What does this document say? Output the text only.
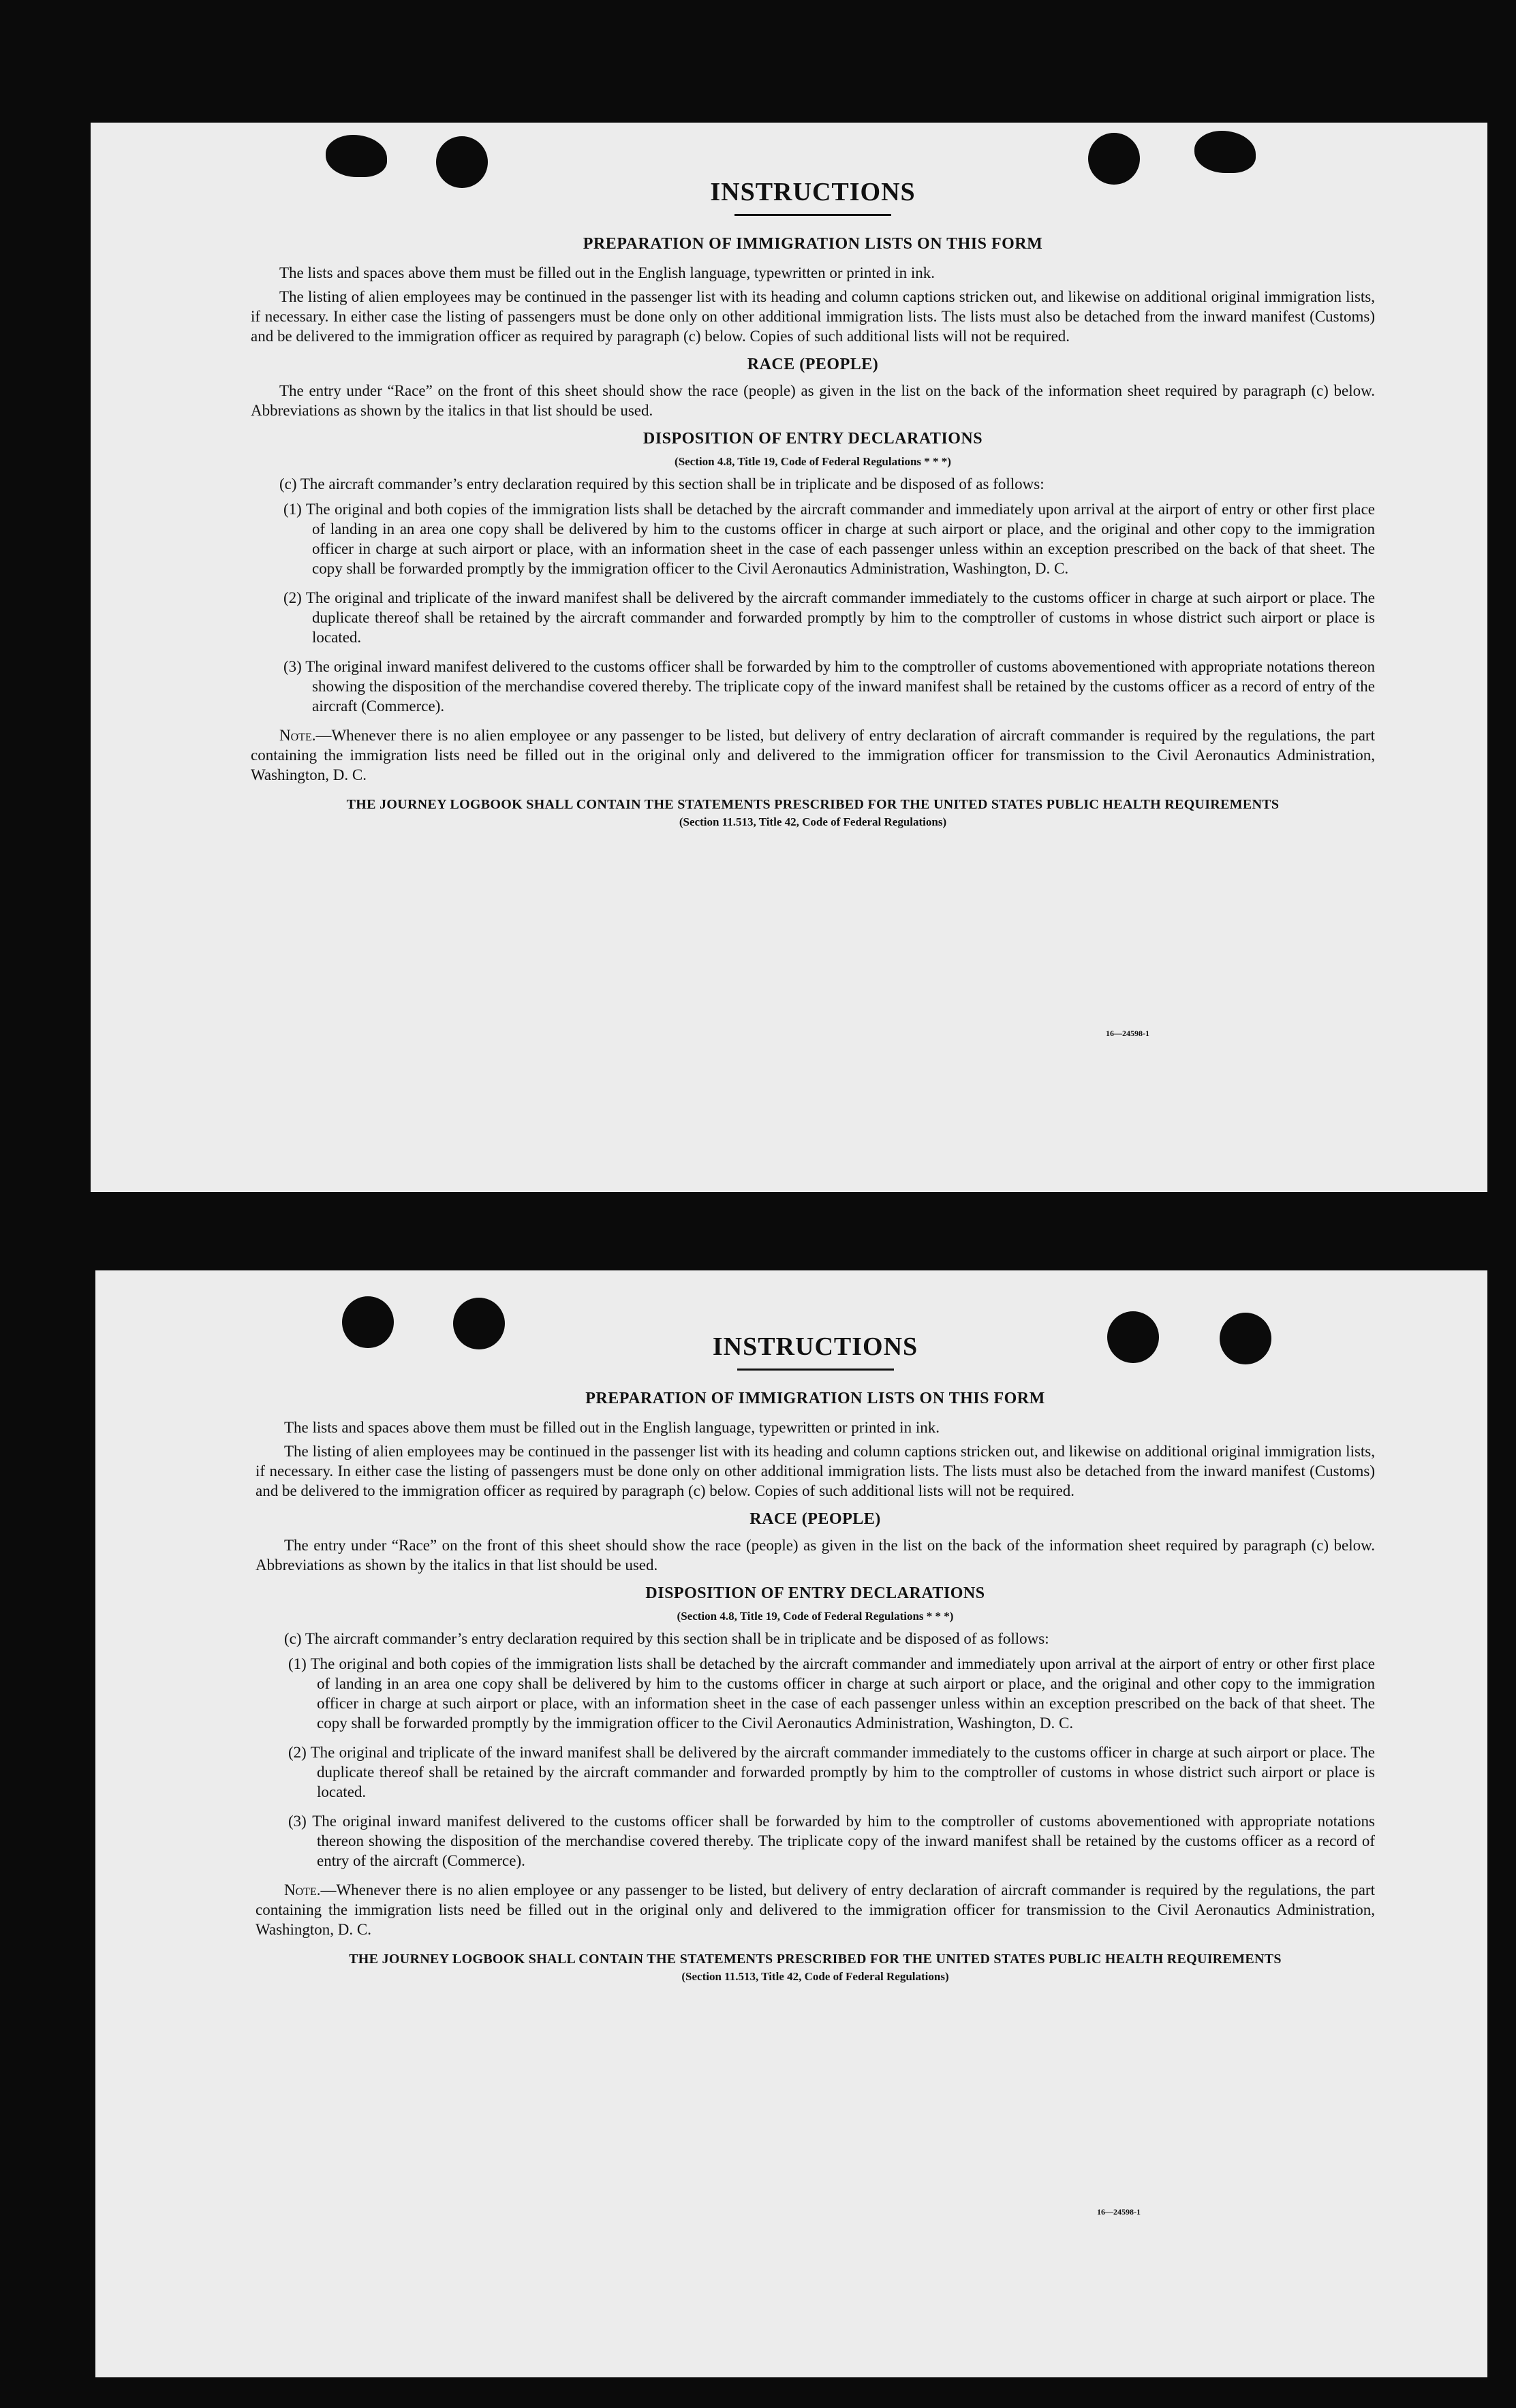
INSTRUCTIONS
PREPARATION OF IMMIGRATION LISTS ON THIS FORM

The lists and spaces above them must be filled out in the English language, typewritten or printed in ink.

The listing of alien employees may be continued in the passenger list with its heading and column captions stricken out, and likewise on additional original immigration lists, if necessary. In either case the listing of passengers must be done only on other additional immigration lists. The lists must also be detached from the inward manifest (Customs) and be delivered to the immigration officer as required by paragraph (c) below. Copies of such additional lists will not be required.

RACE (PEOPLE)

The entry under “Race” on the front of this sheet should show the race (people) as given in the list on the back of the information sheet required by paragraph (c) below. Abbreviations as shown by the italics in that list should be used.

DISPOSITION OF ENTRY DECLARATIONS
(Section 4.8, Title 19, Code of Federal Regulations * * *)

(c) The aircraft commander’s entry declaration required by this section shall be in triplicate and be disposed of as follows:

(1) The original and both copies of the immigration lists shall be detached by the aircraft commander and immediately upon arrival at the airport of entry or other first place of landing in an area one copy shall be delivered by him to the customs officer in charge at such airport or place, and the original and other copy to the immigration officer in charge at such airport or place, with an information sheet in the case of each passenger unless within an exception prescribed on the back of that sheet. The copy shall be forwarded promptly by the immigration officer to the Civil Aeronautics Administration, Washington, D. C.
(2) The original and triplicate of the inward manifest shall be delivered by the aircraft commander immediately to the customs officer in charge at such airport or place. The duplicate thereof shall be retained by the aircraft commander and forwarded promptly by him to the comptroller of customs in whose district such airport or place is located.
(3) The original inward manifest delivered to the customs officer shall be forwarded by him to the comptroller of customs abovementioned with appropriate notations thereon showing the disposition of the merchandise covered thereby. The triplicate copy of the inward manifest shall be retained by the customs officer as a record of entry of the aircraft (Commerce).

Note.—Whenever there is no alien employee or any passenger to be listed, but delivery of entry declaration of aircraft commander is required by the regulations, the part containing the immigration lists need be filled out in the original only and delivered to the immigration officer for transmission to the Civil Aeronautics Administration, Washington, D. C.

THE JOURNEY LOGBOOK SHALL CONTAIN THE STATEMENTS PRESCRIBED FOR THE UNITED STATES PUBLIC HEALTH REQUIREMENTS
(Section 11.513, Title 42, Code of Federal Regulations)
16—24598-1
INSTRUCTIONS
PREPARATION OF IMMIGRATION LISTS ON THIS FORM

The lists and spaces above them must be filled out in the English language, typewritten or printed in ink.

The listing of alien employees may be continued in the passenger list with its heading and column captions stricken out, and likewise on additional original immigration lists, if necessary. In either case the listing of passengers must be done only on other additional immigration lists. The lists must also be detached from the inward manifest (Customs) and be delivered to the immigration officer as required by paragraph (c) below. Copies of such additional lists will not be required.

RACE (PEOPLE)

The entry under “Race” on the front of this sheet should show the race (people) as given in the list on the back of the information sheet required by paragraph (c) below. Abbreviations as shown by the italics in that list should be used.

DISPOSITION OF ENTRY DECLARATIONS
(Section 4.8, Title 19, Code of Federal Regulations * * *)

(c) The aircraft commander’s entry declaration required by this section shall be in triplicate and be disposed of as follows:

(1) The original and both copies of the immigration lists shall be detached by the aircraft commander and immediately upon arrival at the airport of entry or other first place of landing in an area one copy shall be delivered by him to the customs officer in charge at such airport or place, and the original and other copy to the immigration officer in charge at such airport or place, with an information sheet in the case of each passenger unless within an exception prescribed on the back of that sheet. The copy shall be forwarded promptly by the immigration officer to the Civil Aeronautics Administration, Washington, D. C.
(2) The original and triplicate of the inward manifest shall be delivered by the aircraft commander immediately to the customs officer in charge at such airport or place. The duplicate thereof shall be retained by the aircraft commander and forwarded promptly by him to the comptroller of customs in whose district such airport or place is located.
(3) The original inward manifest delivered to the customs officer shall be forwarded by him to the comptroller of customs abovementioned with appropriate notations thereon showing the disposition of the merchandise covered thereby. The triplicate copy of the inward manifest shall be retained by the customs officer as a record of entry of the aircraft (Commerce).

Note.—Whenever there is no alien employee or any passenger to be listed, but delivery of entry declaration of aircraft commander is required by the regulations, the part containing the immigration lists need be filled out in the original only and delivered to the immigration officer for transmission to the Civil Aeronautics Administration, Washington, D. C.

THE JOURNEY LOGBOOK SHALL CONTAIN THE STATEMENTS PRESCRIBED FOR THE UNITED STATES PUBLIC HEALTH REQUIREMENTS
(Section 11.513, Title 42, Code of Federal Regulations)
16—24598-1
